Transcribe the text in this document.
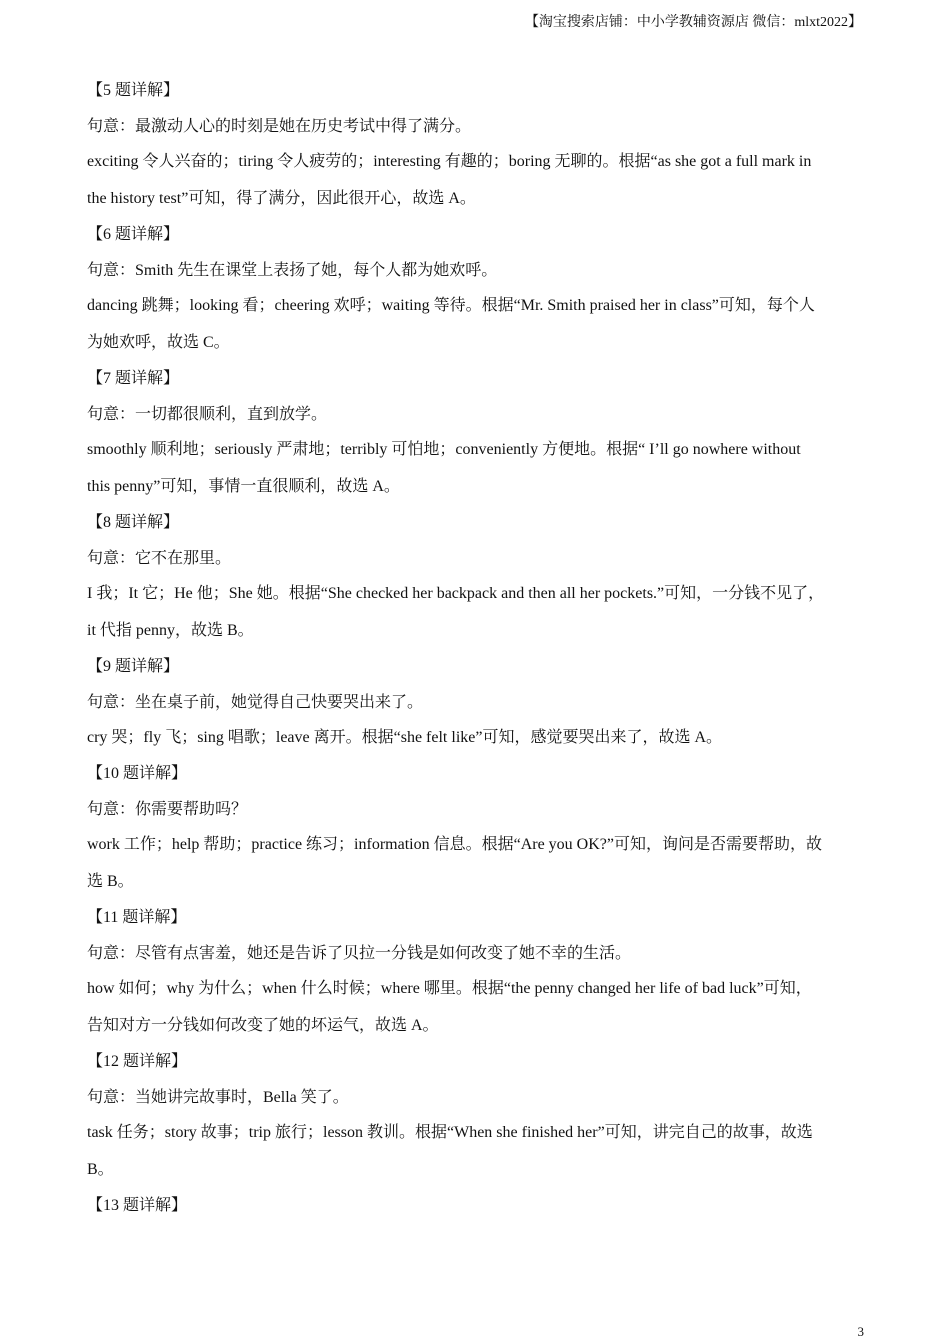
【淘宝搜索店铺：中小学教辅资源店 微信：mlxt2022】
【5 题详解】
句意：最激动人心的时刻是她在历史考试中得了满分。
exciting 令人兴奋的；tiring 令人疲劳的；interesting 有趣的；boring 无聊的。根据“as she got a full mark in
the history test”可知，得了满分，因此很开心，故选 A。
【6 题详解】
句意：Smith 先生在课堂上表扬了她，每个人都为她欢呼。
dancing 跳舞；looking 看；cheering 欢呼；waiting 等待。根据“Mr. Smith praised her in class”可知，每个人
为她欢呼，故选 C。
【7 题详解】
句意：一切都很顺利，直到放学。
smoothly 顺利地；seriously 严肃地；terribly 可怕地；conveniently 方便地。根据“ I’ll go nowhere without
this penny”可知，事情一直很顺利，故选 A。
【8 题详解】
句意：它不在那里。
I 我；It 它；He 他；She 她。根据“She checked her backpack and then all her pockets.”可知，一分钱不见了，
it 代指 penny，故选 B。
【9 题详解】
句意：坐在桌子前，她觉得自己快要哭出来了。
cry 哭；fly 飞；sing 唱歌；leave 离开。根据“she felt like”可知，感觉要哭出来了，故选 A。
【10 题详解】
句意：你需要帮助吗？
work 工作；help 帮助；practice 练习；information 信息。根据“Are you OK?”可知，询问是否需要帮助，故
选 B。
【11 题详解】
句意：尽管有点害羞，她还是告诉了贝拉一分钱是如何改变了她不幸的生活。
how 如何；why 为什么；when 什么时候；where 哪里。根据“the penny changed her life of bad luck”可知，
告知对方一分钱如何改变了她的坏运气，故选 A。
【12 题详解】
句意：当她讲完故事时，Bella 笑了。
task 任务；story 故事；trip 旅行；lesson 教训。根据“When she finished her”可知，讲完自己的故事，故选
B。
【13 题详解】
3
